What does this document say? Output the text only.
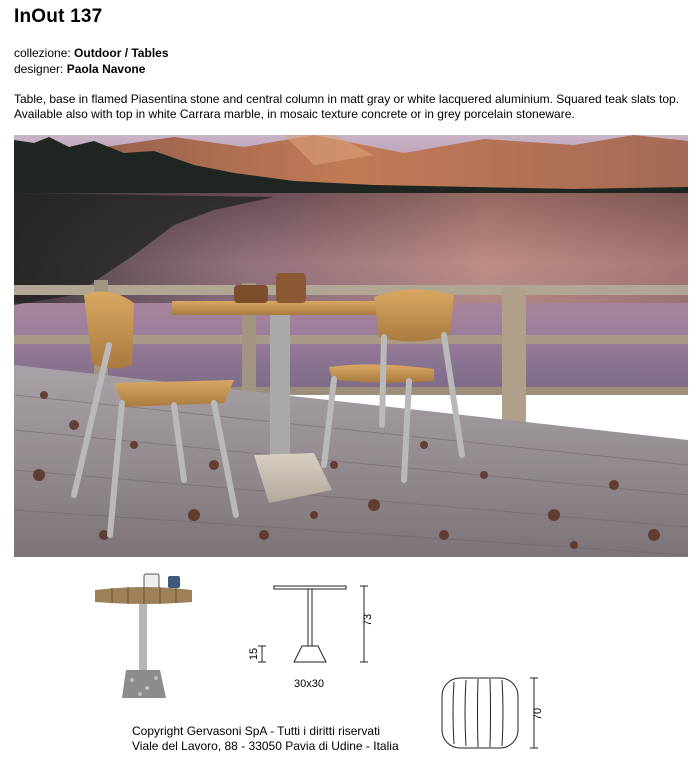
InOut 137
collezione: Outdoor / Tables
designer: Paola Navone
Table, base in flamed Piasentina stone and central column in matt gray or white lacquered aluminium. Squared teak slats top.
Available also with top in white Carrara marble, in mosaic texture concrete or in grey porcelain stoneware.
73
15
30x30
70
Copyright Gervasoni SpA - Tutti i diritti riservati
Viale del Lavoro, 88 - 33050 Pavia di Udine - Italia
